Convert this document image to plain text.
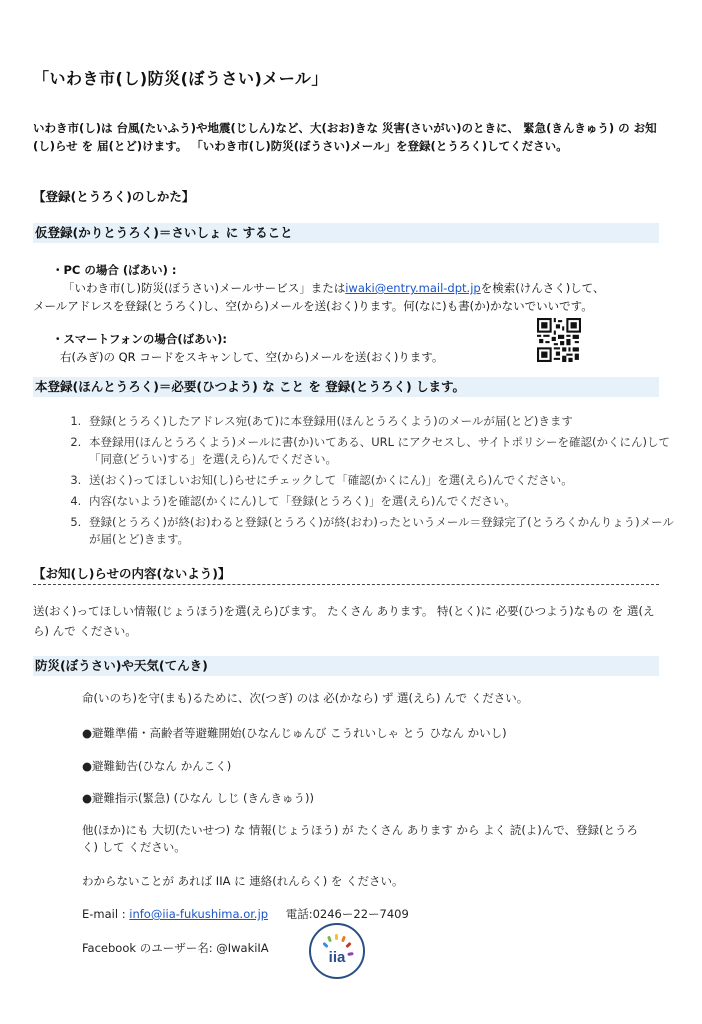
「いわき市(し)防災(ぼうさい)メール」
いわき市(し)は 台風(たいふう)や地震(じしん)など、大(おお)きな 災害(さいがい)のときに、 緊急(きんきゅう) の お知(し)らせ を 届(とど)けます。 「いわき市(し)防災(ぼうさい)メール」を登録(とうろく)してください。
【登録(とうろく)のしかた】
仮登録(かりとうろく)＝さいしょ に すること
・PC の場合 (ばあい) :
「いわき市(し)防災(ぼうさい)メールサービス」またはiwaki@entry.mail-dpt.jpを検索(けんさく)して、
メールアドレスを登録(とうろく)し、空(から)メールを送(おく)ります。何(なに)も書(か)かないでいいです。
・スマートフォンの場合(ばあい):
右(みぎ)の QR コードをスキャンして、空(から)メールを送(おく)ります。
本登録(ほんとうろく)＝必要(ひつよう) な こと を 登録(とうろく) します。
1. 登録(とうろく)したアドレス宛(あて)に本登録用(ほんとうろくよう)のメールが届(とど)きます
2. 本登録用(ほんとうろくよう)メールに書(か)いてある、URL にアクセスし、サイトポリシーを確認(かくにん)して「同意(どうい)する」を選(えら)んでください。
3. 送(おく)ってほしいお知(し)らせにチェックして「確認(かくにん)」を選(えら)んでください。
4. 内容(ないよう)を確認(かくにん)して「登録(とうろく)」を選(えら)んでください。
5. 登録(とうろく)が終(お)わると登録(とうろく)が終(おわ)ったというメール＝登録完了(とうろくかんりょう)メールが届(とど)きます。
【お知(し)らせの内容(ないよう)】
送(おく)ってほしい情報(じょうほう)を選(えら)びます。 たくさん あります。 特(とく)に 必要(ひつよう)なもの を 選(えら) んで ください。
防災(ぼうさい)や天気(てんき)
命(いのち)を守(まも)るために、次(つぎ) のは 必(かなら) ず 選(えら) んで ください。
● 避難準備・高齢者等避難開始(ひなんじゅんび こうれいしゃ とう ひなん かいし)
● 避難勧告(ひなん かんこく)
● 避難指示(緊急) (ひなん しじ (きんきゅう))
他(ほか)にも 大切(たいせつ) な 情報(じょうほう) が たくさん あります から よく 読(よ)んで、登録(とうろく) して ください。
わからないことが あれば IIA に 連絡(れんらく) を ください。
E-mail : info@iia-fukushima.or.jp 電話:0246ー22ー7409
Facebook のユーザー名: @IwakiIA
iia
